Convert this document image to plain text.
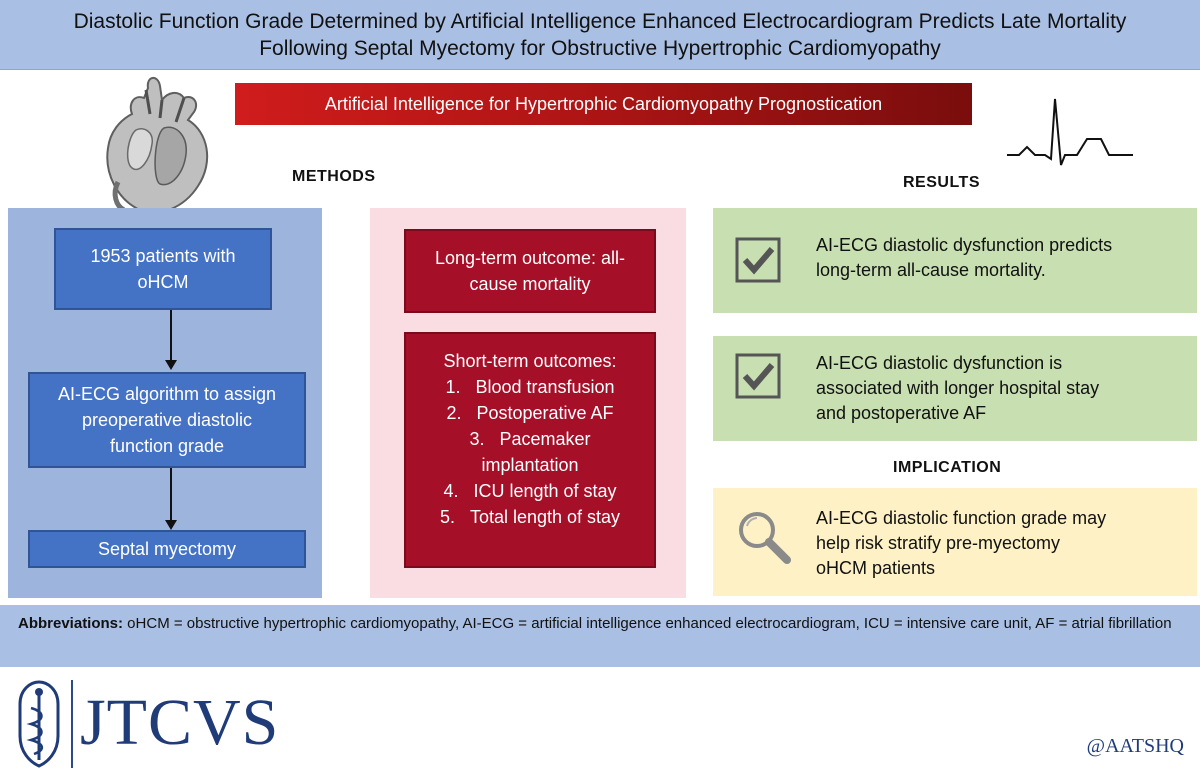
Diastolic Function Grade Determined by Artificial Intelligence Enhanced Electrocardiogram Predicts Late Mortality
Following Septal Myectomy for Obstructive Hypertrophic Cardiomyopathy
Artificial Intelligence for Hypertrophic Cardiomyopathy Prognostication
METHODS	RESULTS
1953 patients with
oHCM
AI-ECG algorithm to assign
preoperative diastolic
function grade
Septal myectomy
Long-term outcome: all-
cause mortality
Short-term outcomes:
1. Blood transfusion
2. Postoperative AF
3. Pacemaker
implantation
4. ICU length of stay
5. Total length of stay
AI-ECG diastolic dysfunction predicts
long-term all-cause mortality.
AI-ECG diastolic dysfunction is
associated with longer hospital stay
and postoperative AF
IMPLICATION
AI-ECG diastolic function grade may
help risk stratify pre-myectomy
oHCM patients
Abbreviations: oHCM = obstructive hypertrophic cardiomyopathy, AI-ECG = artificial intelligence enhanced electrocardiogram, ICU = intensive care unit, AF = atrial fibrillation
JTCVS	@AATSHQ
